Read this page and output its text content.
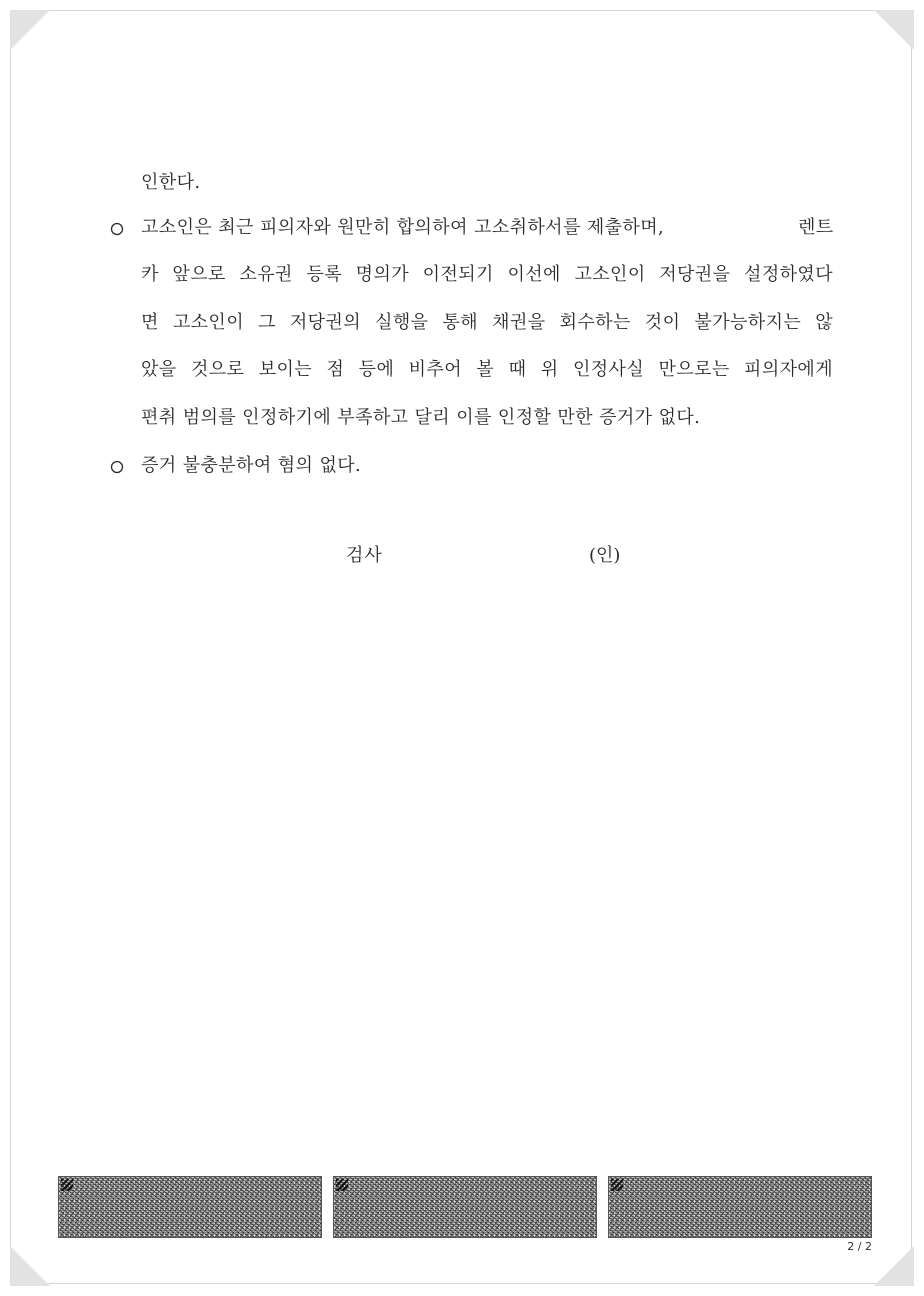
인한다.
고소인은 최근 피의자와 원만히 합의하여 고소취하서를 제출하며,	렌트
카 앞으로 소유권 등록 명의가 이전되기 이선에 고소인이 저당권을 설정하였다
면 고소인이 그 저당권의 실행을 통해 채권을 회수하는 것이 불가능하지는 않
았을 것으로 보이는 점 등에 비추어 볼 때 위 인정사실 만으로는 피의자에게
편취 범의를 인정하기에 부족하고 달리 이를 인정할 만한 증거가 없다.
증거 불충분하여 혐의 없다.
검사	(인)
2 / 2
